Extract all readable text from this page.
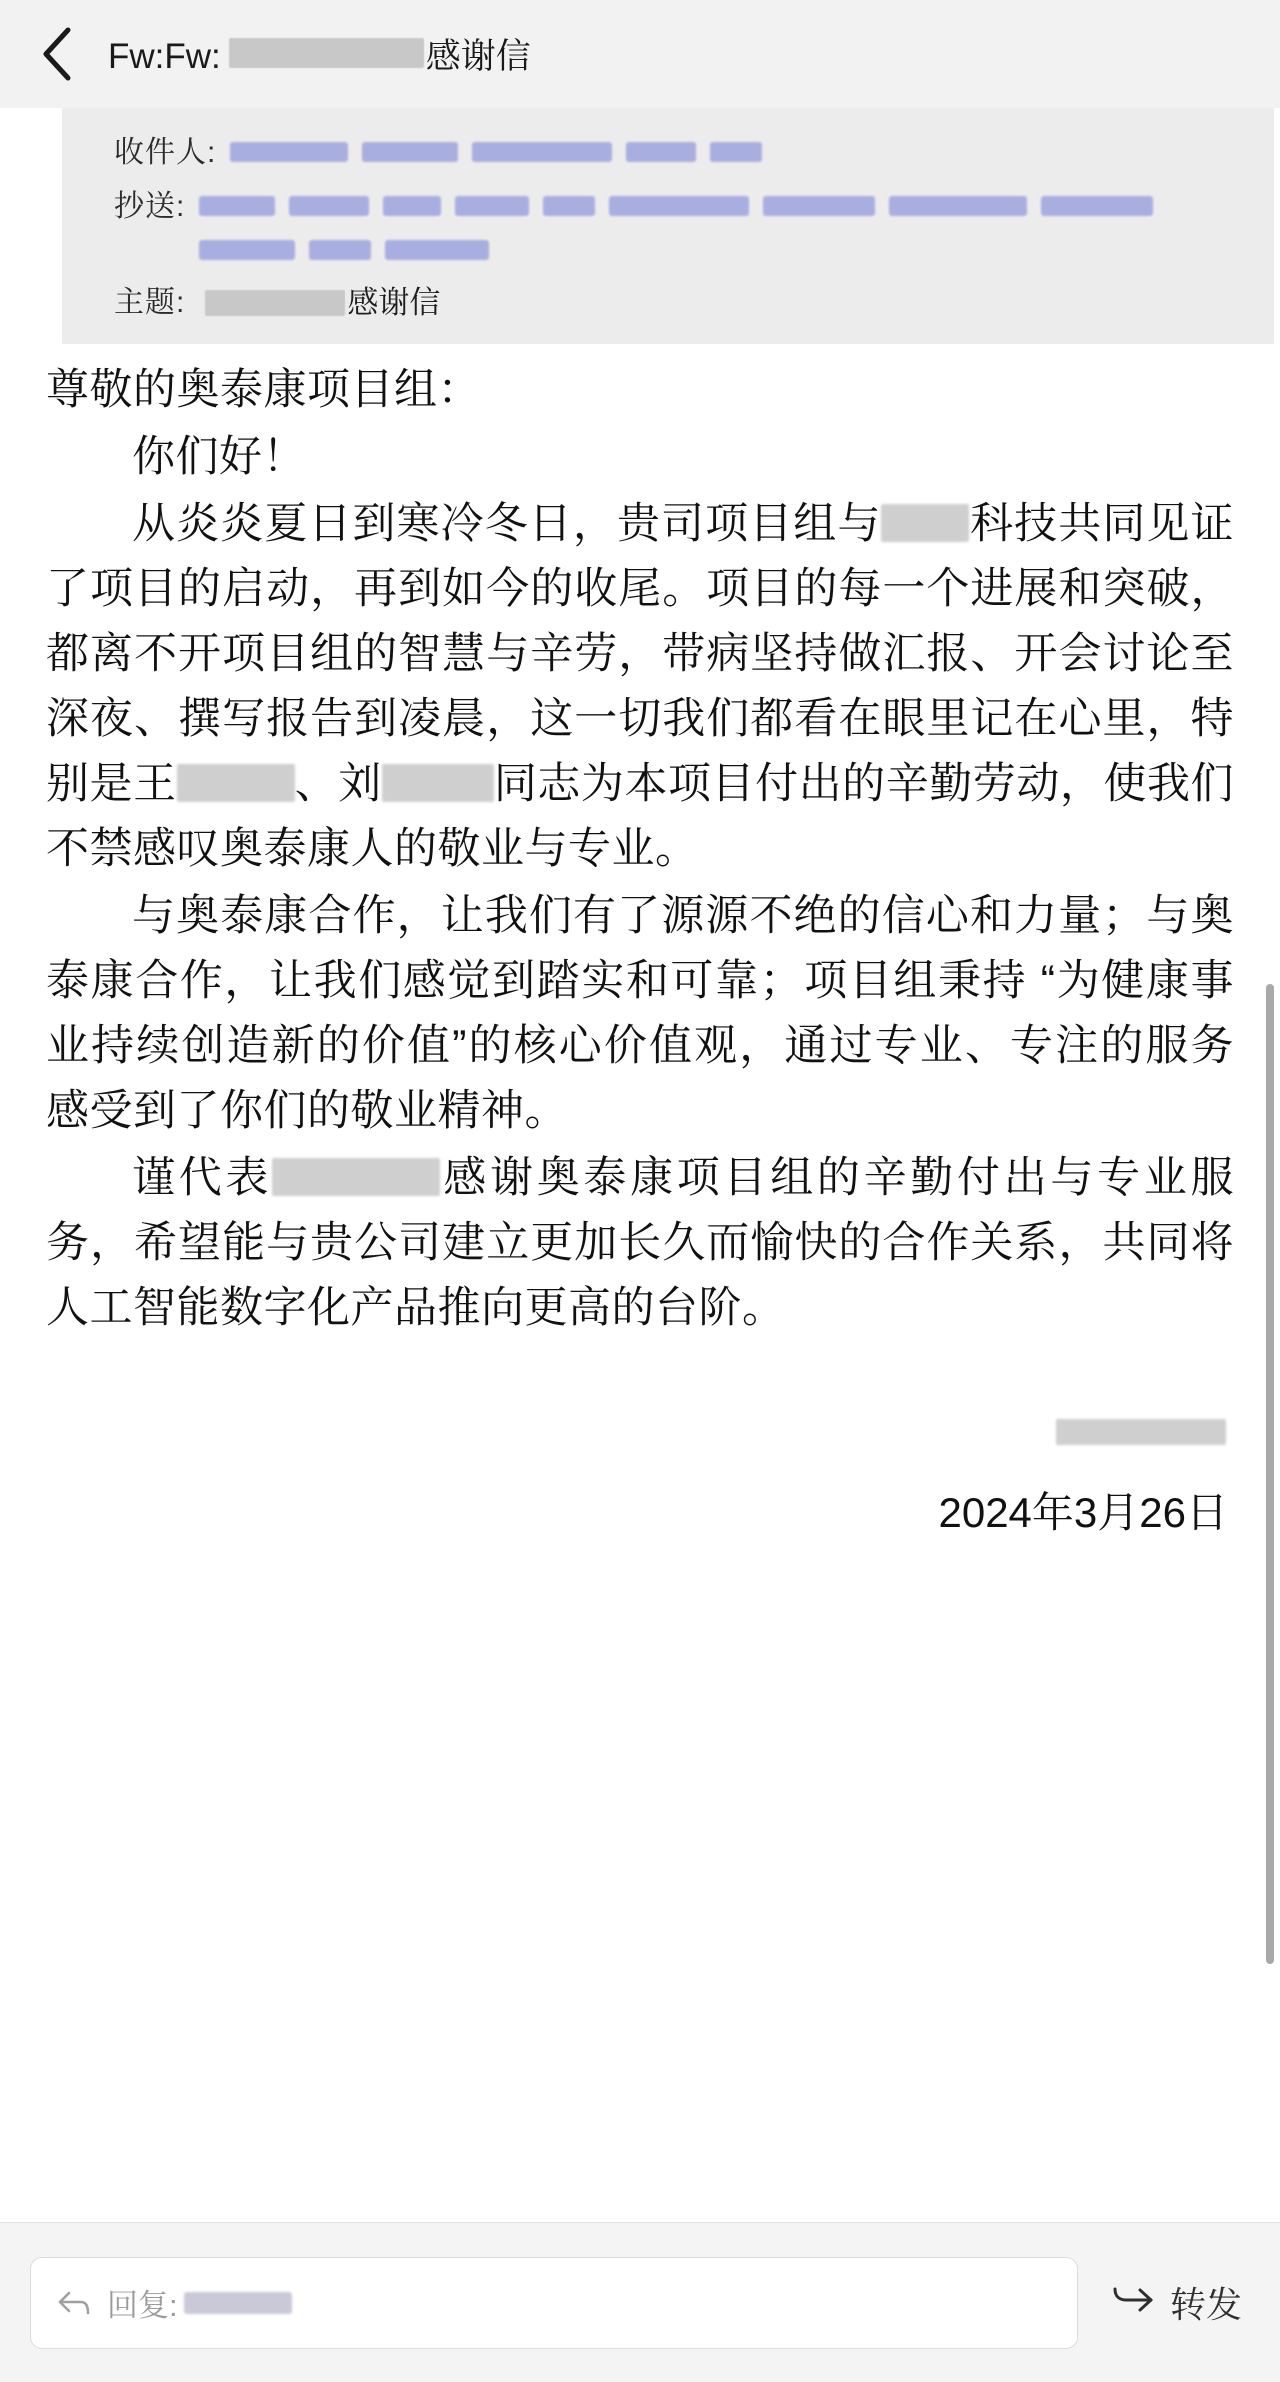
Fw:Fw:	感谢信
收件人:
抄送:
主题:	感谢信

尊敬的奥泰康项目组：

你们好！

从炎炎夏日到寒冷冬日，贵司项目组与 科技共同见证了项目的启动，再到如今的收尾。项目的每一个进展和突破，都离不开项目组的智慧与辛劳，带病坚持做汇报、开会讨论至深夜、撰写报告到凌晨，这一切我们都看在眼里记在心里，特别是王	、刘	同志为本项目付出的辛勤劳动，使我们不禁感叹奥泰康人的敬业与专业。

与奥泰康合作，让我们有了源源不绝的信心和力量；与奥泰康合作，让我们感觉到踏实和可靠；项目组秉持 “为健康事业持续创造新的价值”的核心价值观，通过专业、专注的服务感受到了你们的敬业精神。

谨代表	感谢奥泰康项目组的辛勤付出与专业服务，希望能与贵公司建立更加长久而愉快的合作关系，共同将人工智能数字化产品推向更高的台阶。

2024年3月26日
回复:	转发
